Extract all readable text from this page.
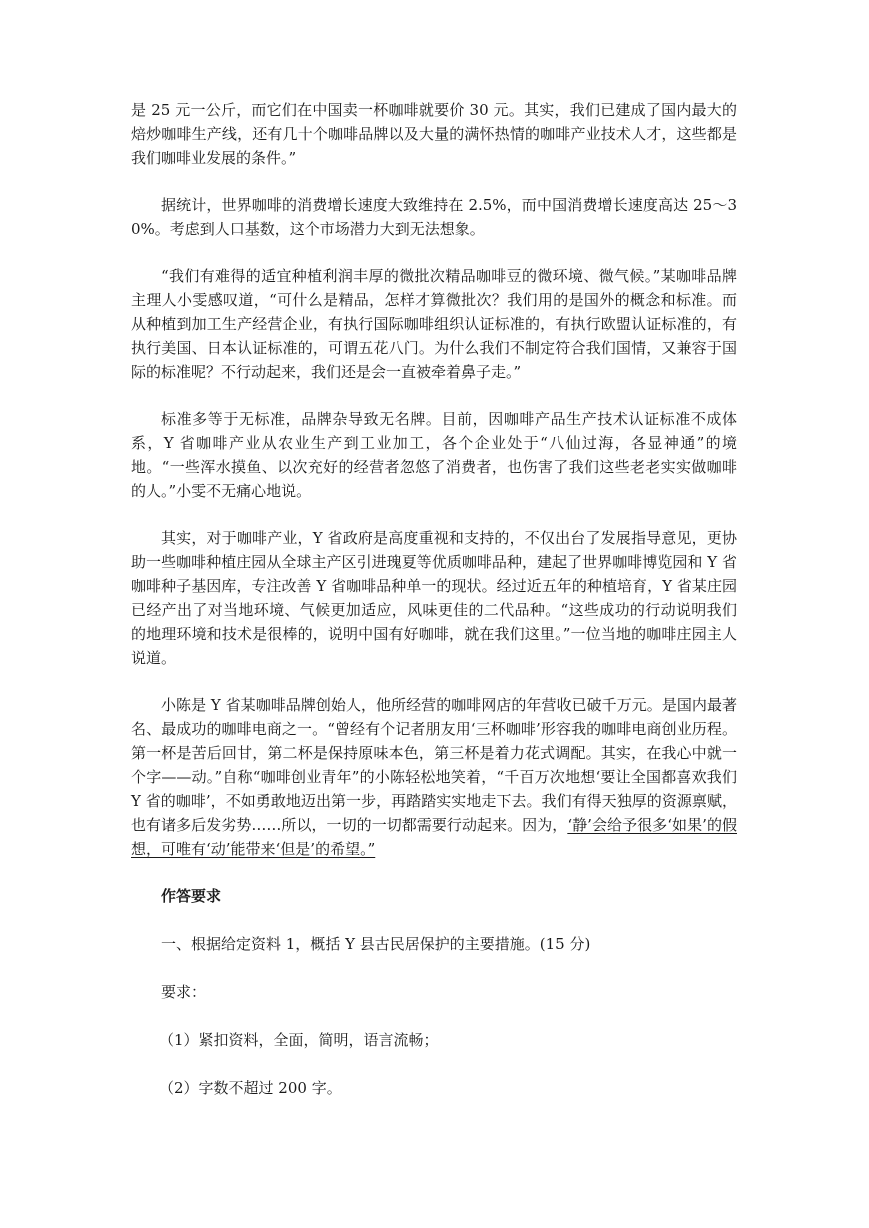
是 25 元一公斤，而它们在中国卖一杯咖啡就要价 30 元。其实，我们已建成了国内最大的焙炒咖啡生产线，还有几十个咖啡品牌以及大量的满怀热情的咖啡产业技术人才，这些都是我们咖啡业发展的条件。”

据统计，世界咖啡的消费增长速度大致维持在 2.5%，而中国消费增长速度高达 25～30%。考虑到人口基数，这个市场潜力大到无法想象。

“我们有难得的适宜种植利润丰厚的微批次精品咖啡豆的微环境、微气候。”某咖啡品牌主理人小雯感叹道，“可什么是精品，怎样才算微批次？我们用的是国外的概念和标准。而从种植到加工生产经营企业，有执行国际咖啡组织认证标准的，有执行欧盟认证标准的，有执行美国、日本认证标准的，可谓五花八门。为什么我们不制定符合我们国情，又兼容于国际的标准呢？不行动起来，我们还是会一直被牵着鼻子走。”

标准多等于无标准，品牌杂导致无名牌。目前，因咖啡产品生产技术认证标准不成体系，Y 省咖啡产业从农业生产到工业加工，各个企业处于“八仙过海，各显神通”的境地。“一些浑水摸鱼、以次充好的经营者忽悠了消费者，也伤害了我们这些老老实实做咖啡的人。”小雯不无痛心地说。

其实，对于咖啡产业，Y 省政府是高度重视和支持的，不仅出台了发展指导意见，更协助一些咖啡种植庄园从全球主产区引进瑰夏等优质咖啡品种，建起了世界咖啡博览园和 Y 省咖啡种子基因库，专注改善 Y 省咖啡品种单一的现状。经过近五年的种植培育，Y 省某庄园已经产出了对当地环境、气候更加适应，风味更佳的二代品种。“这些成功的行动说明我们的地理环境和技术是很棒的，说明中国有好咖啡，就在我们这里。”一位当地的咖啡庄园主人说道。

小陈是 Y 省某咖啡品牌创始人，他所经营的咖啡网店的年营收已破千万元。是国内最著名、最成功的咖啡电商之一。“曾经有个记者朋友用‘三杯咖啡’形容我的咖啡电商创业历程。第一杯是苦后回甘，第二杯是保持原味本色，第三杯是着力花式调配。其实，在我心中就一个字——动。”自称“咖啡创业青年”的小陈轻松地笑着，“千百万次地想‘要让全国都喜欢我们 Y 省的咖啡’，不如勇敢地迈出第一步，再踏踏实实地走下去。我们有得天独厚的资源禀赋，也有诸多后发劣势……所以，一切的一切都需要行动起来。因为，‘静’会给予很多‘如果’的假想，可唯有‘动’能带来‘但是’的希望。”

作答要求
一、根据给定资料 1，概括 Y 县古民居保护的主要措施。(15 分)
要求：
（1）紧扣资料，全面，简明，语言流畅；
（2）字数不超过 200 字。
